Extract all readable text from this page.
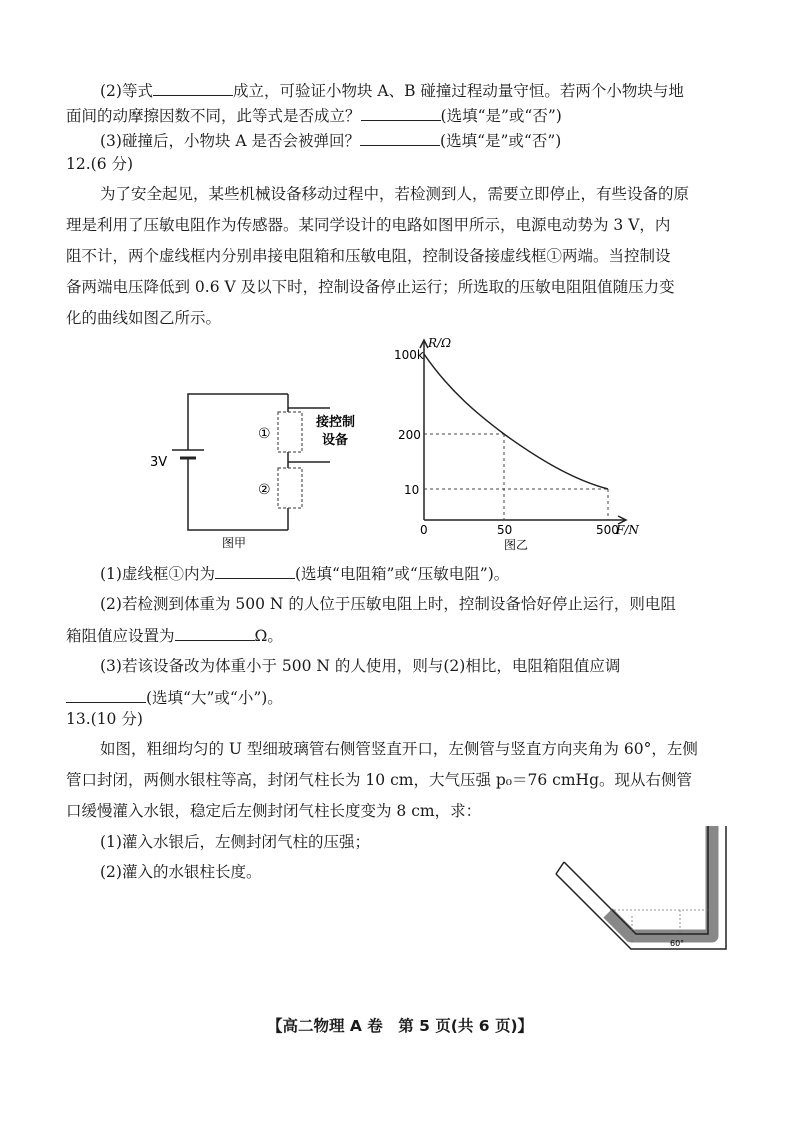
(2)等式	成立，可验证小物块 A、B 碰撞过程动量守恒。若两个小物块与地
面间的动摩擦因数不同，此等式是否成立？	(选填“是”或“否”)
(3)碰撞后，小物块 A 是否会被弹回？	(选填“是”或“否”)
12.(6 分)
为了安全起见，某些机械设备移动过程中，若检测到人，需要立即停止，有些设备的原
理是利用了压敏电阻作为传感器。某同学设计的电路如图甲所示，电源电动势为 3 V，内
阻不计，两个虚线框内分别串接电阻箱和压敏电阻，控制设备接虚线框①两端。当控制设
备两端电压降低到 0.6 V 及以下时，控制设备停止运行；所选取的压敏电阻阻值随压力变
化的曲线如图乙所示。
①
②
3V
接控制
设备
图甲
R/Ω
F/N
100k
200
10
0	50	500
图乙
(1)虚线框①内为	(选填“电阻箱”或“压敏电阻”)。
(2)若检测到体重为 500 N 的人位于压敏电阻上时，控制设备恰好停止运行，则电阻
箱阻值应设置为	Ω。
(3)若该设备改为体重小于 500 N 的人使用，则与(2)相比，电阻箱阻值应调
(选填“大”或“小”)。
13.(10 分)
如图，粗细均匀的 U 型细玻璃管右侧管竖直开口，左侧管与竖直方向夹角为 60°，左侧
管口封闭，两侧水银柱等高，封闭气柱长为 10 cm，大气压强 p₀＝76 cmHg。现从右侧管
口缓慢灌入水银，稳定后左侧封闭气柱长度变为 8 cm，求：
(1)灌入水银后，左侧封闭气柱的压强；
(2)灌入的水银柱长度。
60°
【高二物理 A 卷　第 5 页(共 6 页)】
